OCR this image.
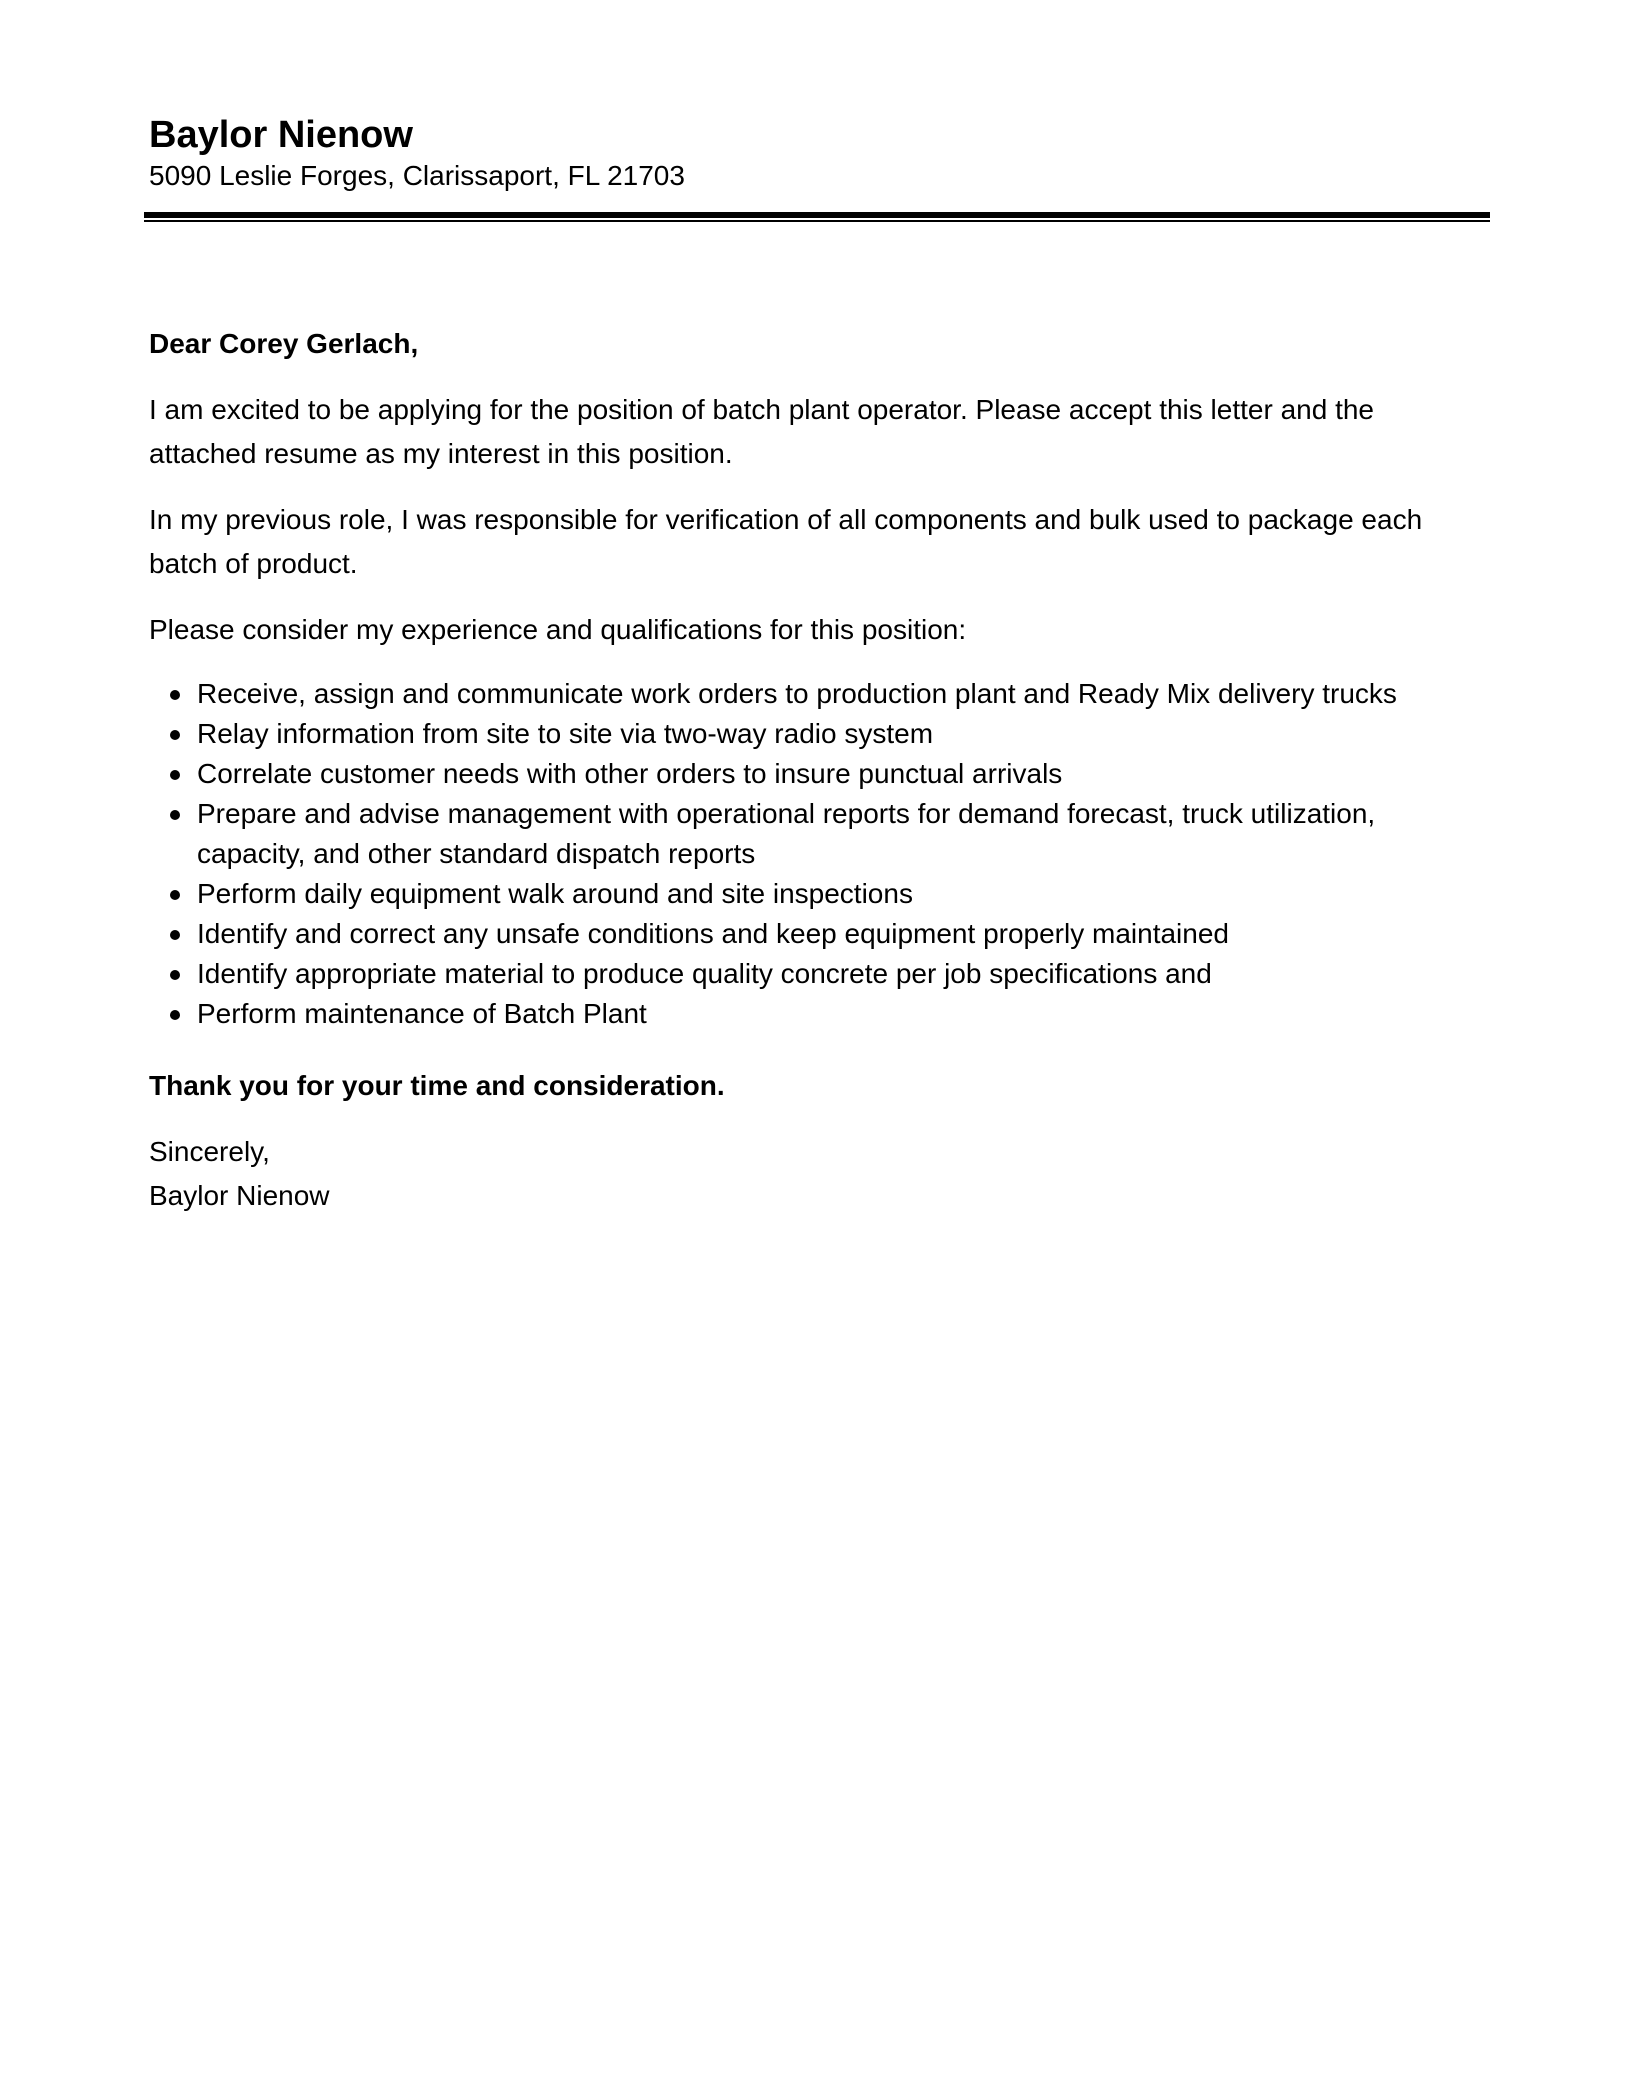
Baylor Nienow

5090 Leslie Forges, Clarissaport, FL 21703

Dear Corey Gerlach,

I am excited to be applying for the position of batch plant operator. Please accept this letter and the attached resume as my interest in this position.

In my previous role, I was responsible for verification of all components and bulk used to package each batch of product.

Please consider my experience and qualifications for this position:

Receive, assign and communicate work orders to production plant and Ready Mix delivery trucks
Relay information from site to site via two-way radio system
Correlate customer needs with other orders to insure punctual arrivals
Prepare and advise management with operational reports for demand forecast, truck utilization, capacity, and other standard dispatch reports
Perform daily equipment walk around and site inspections
Identify and correct any unsafe conditions and keep equipment properly maintained
Identify appropriate material to produce quality concrete per job specifications and
Perform maintenance of Batch Plant

Thank you for your time and consideration.

Sincerely,

Baylor Nienow
